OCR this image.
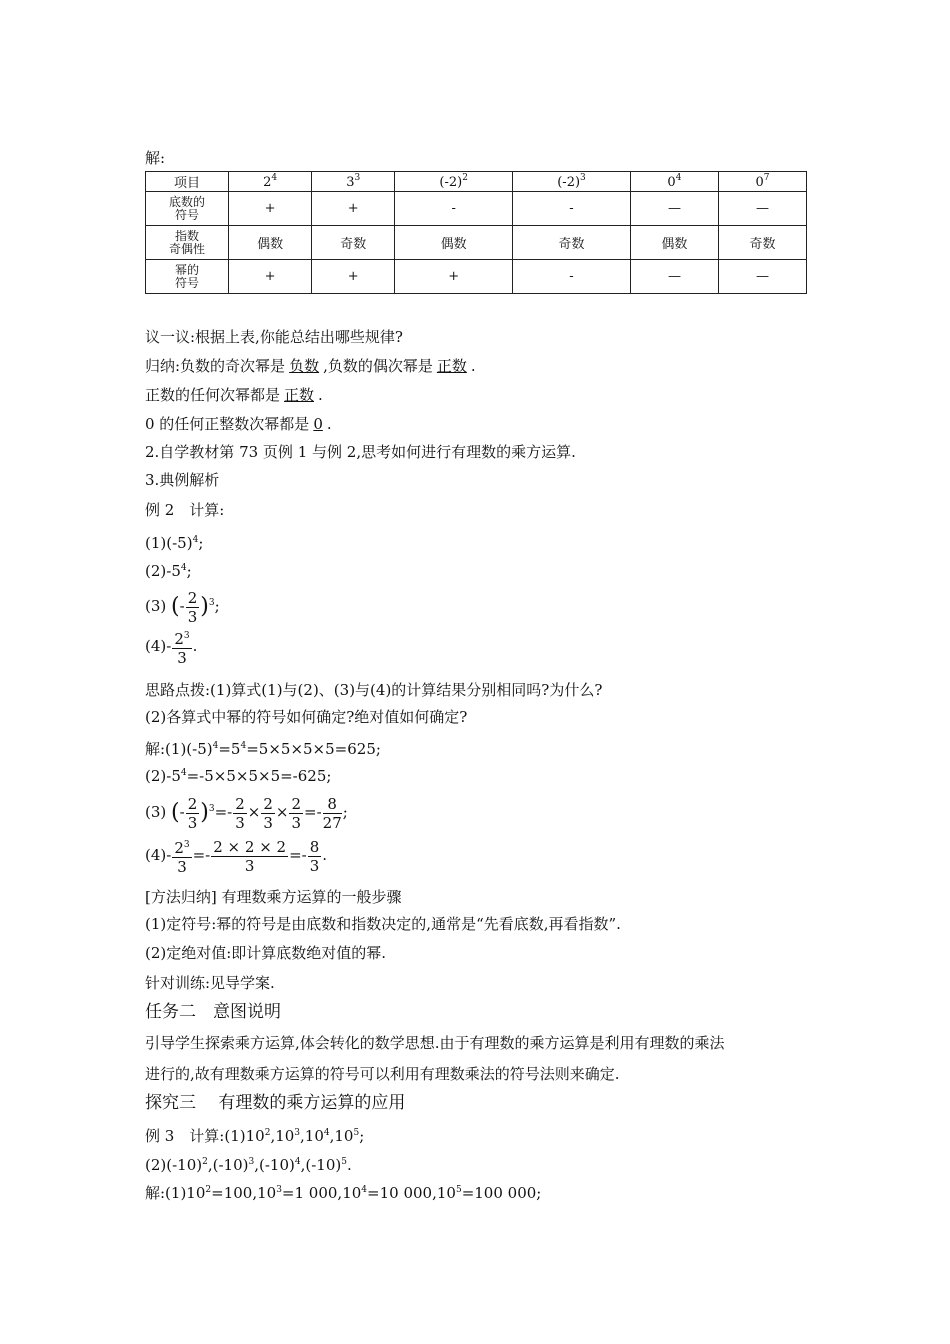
解:
项目	$2^4$	$3^3$	$(-2)^2$	$(-2)^3$	$0^4$	$0^7$
底数的
符号	+	+	-	-	—	—
指数
奇偶性	偶数	奇数	偶数	奇数	偶数	奇数
幂的
符号	+	+	+	-	—	—
议一议:根据上表,你能总结出哪些规律?
归纳:负数的奇次幂是 负数 ,负数的偶次幂是 正数 .
正数的任何次幂都是 正数 .
0 的任何正整数次幂都是 0 .
2.自学教材第 73 页例 1 与例 2,思考如何进行有理数的乘方运算.
3.典例解析
例 2　计算:
$(1)(-5)^4$;
$(2)-5^4$;
(3) (- $\frac{2}{3} )^3$;
$(4)- \frac{2^3}{3}$ .
思路点拨:(1)算式(1)与(2)、(3)与(4)的计算结果分别相同吗?为什么?
(2)各算式中幂的符号如何确定?绝对值如何确定?
解$:(1)(-5)^4=5^4=5\times 5\times 5\times 5=625$;
$(2)-5^4=-5\times 5\times 5\times 5=-625$;
(3) (- $\frac{2}{3} )^3=- \frac{2}{3} \times \frac{2}{3} \times \frac{2}{3} =- \frac{8}{27}$ ;
$(4)- \frac{2^3}{3} =- \frac{2 \times 2 \times 2}{3} =- \frac{8}{3}$ .
[方法归纳] 有理数乘方运算的一般步骤
(1)定符号:幂的符号是由底数和指数决定的,通常是“先看底数,再看指数”.
(2)定绝对值:即计算底数绝对值的幂.
针对训练:见导学案.
任务二　意图说明
引导学生探索乘方运算,体会转化的数学思想.由于有理数的乘方运算是利用有理数的乘法
进行的,故有理数乘方运算的符号可以利用有理数乘法的符号法则来确定.
探究三　 有理数的乘方运算的应用
例 3　计算$:(1)10^2,10^3,10^4,10^5$;
$(2)(-10)^2,(-10)^3,(-10)^4,(-10)^5$.
解$:(1)10^2=100,10^3=1$ $000,10^4=10$ $000,10^5=100$ 000;
